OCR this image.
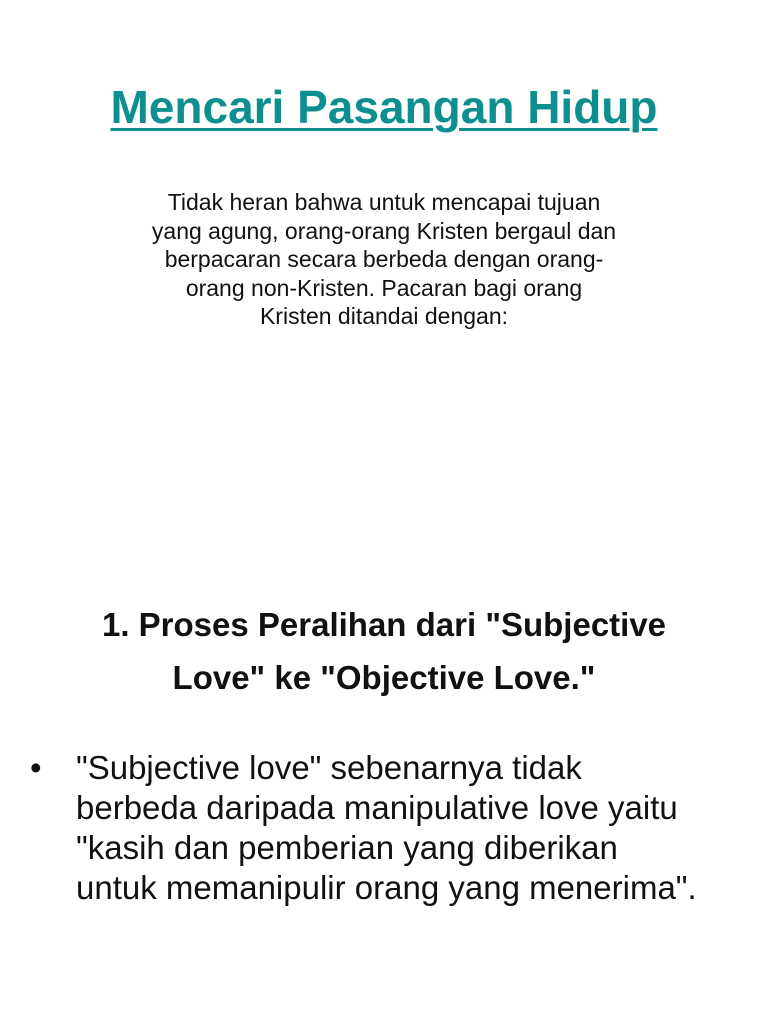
Mencari Pasangan Hidup

Tidak heran bahwa untuk mencapai tujuan
yang agung, orang-orang Kristen bergaul dan
berpacaran secara berbeda dengan orang-
orang non-Kristen. Pacaran bagi orang
Kristen ditandai dengan:

1. Proses Peralihan dari "Subjective
Love" ke "Objective Love."
•	"Subjective love" sebenarnya tidak
berbeda daripada manipulative love yaitu
"kasih dan pemberian yang diberikan
untuk memanipulir orang yang menerima".
